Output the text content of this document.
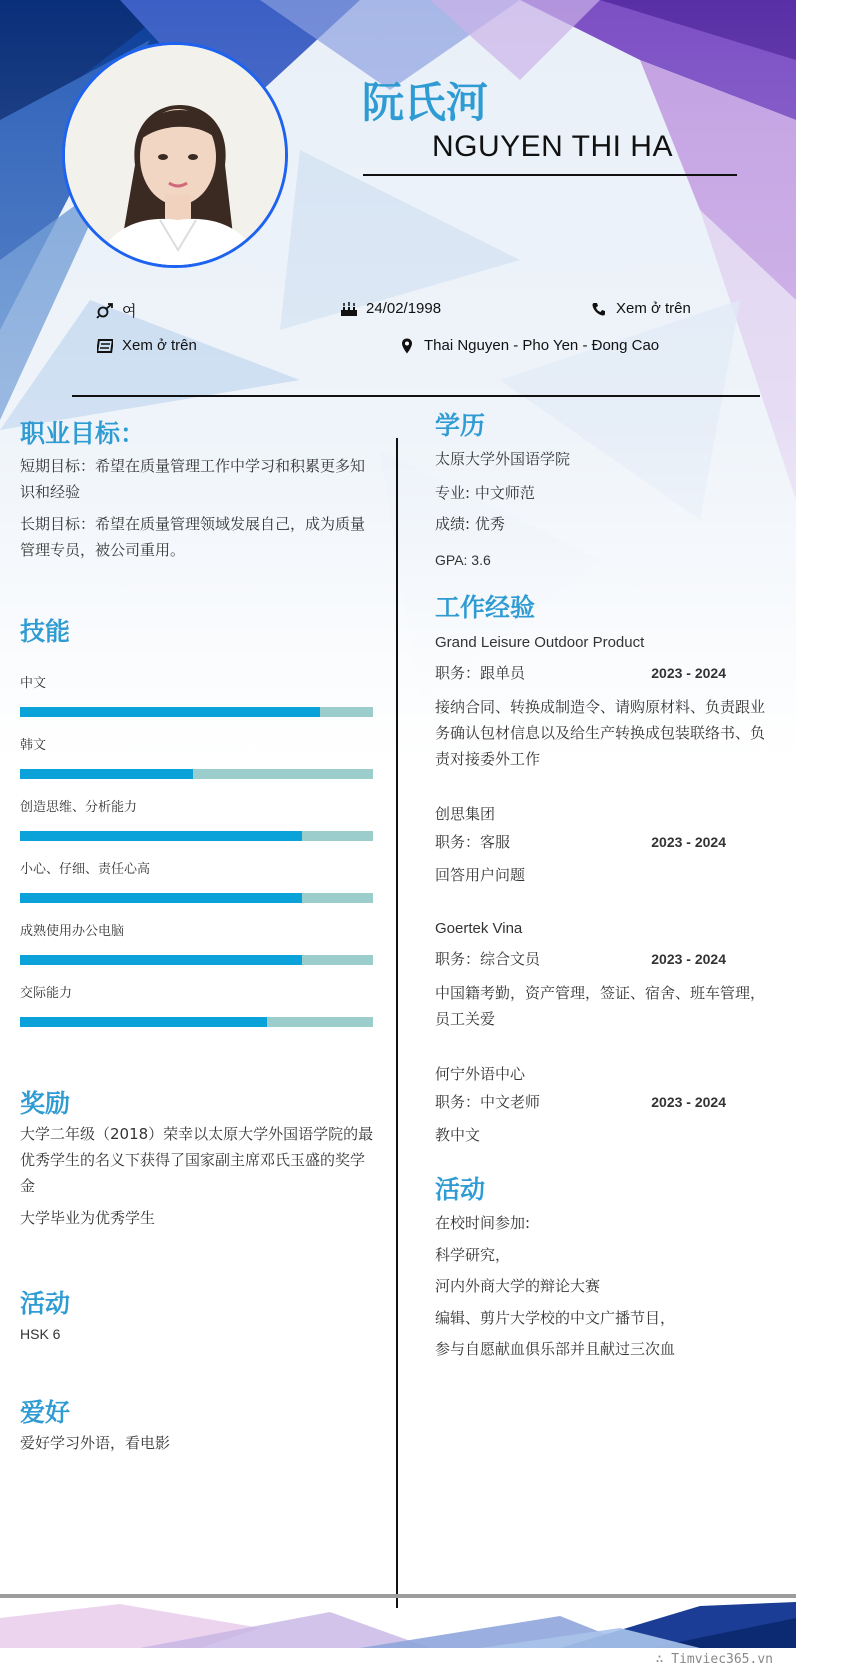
阮氏河
NGUYEN THI HA
여	24/02/1998	Xem ở trên
Xem ở trên	Thai Nguyen - Pho Yen - Đong Cao
职业目标：
短期目标：希望在质量管理工作中学习和积累更多知识和经验
长期目标：希望在质量管理领域发展自己，成为质量管理专员，被公司重用。
技能
中文
韩文
创造思维、分析能力
小心、仔细、责任心高
成熟使用办公电脑
交际能力
奖励
大学二年级（2018）荣幸以太原大学外国语学院的最优秀学生的名义下获得了国家副主席邓氏玉盛的奖学金
大学毕业为优秀学生
活动
HSK 6
爱好
爱好学习外语，看电影
学历
太原大学外国语学院
专业: 中文师范
成绩: 优秀
GPA: 3.6
工作经验
Grand Leisure Outdoor Product
职务：跟单员	2023 - 2024
接纳合同、转换成制造令、请购原材料、负责跟业务确认包材信息以及给生产转换成包装联络书、负责对接委外工作
创思集团
职务：客服	2023 - 2024
回答用户问题
Goertek Vina
职务：综合文员	2023 - 2024
中国籍考勤，资产管理，签证、宿舍、班车管理，员工关爱
何宁外语中心
职务：中文老师	2023 - 2024
教中文
活动
在校时间参加:
科学研究，
河内外商大学的辩论大赛
编辑、剪片大学校的中文广播节目，
参与自愿献血俱乐部并且献过三次血
∴ Timviec365.vn
